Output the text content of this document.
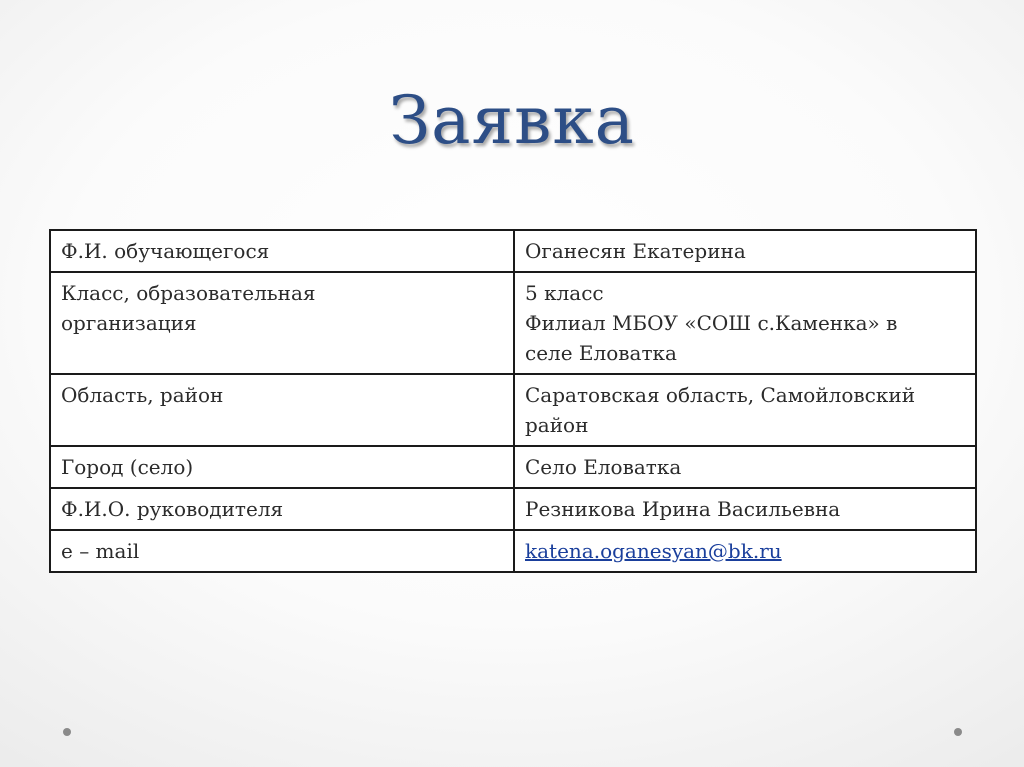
Заявка
Ф.И. обучающегося	Оганесян Екатерина

Класс, образовательная
организация	5 класс
Филиал МБОУ «СОШ с.Каменка» в
селе Еловатка

Область, район	Саратовская область, Самойловский
район

Город (село)	Село Еловатка

Ф.И.О. руководителя	Резникова Ирина Васильевна

e – mail	katena.oganesyan@bk.ru
